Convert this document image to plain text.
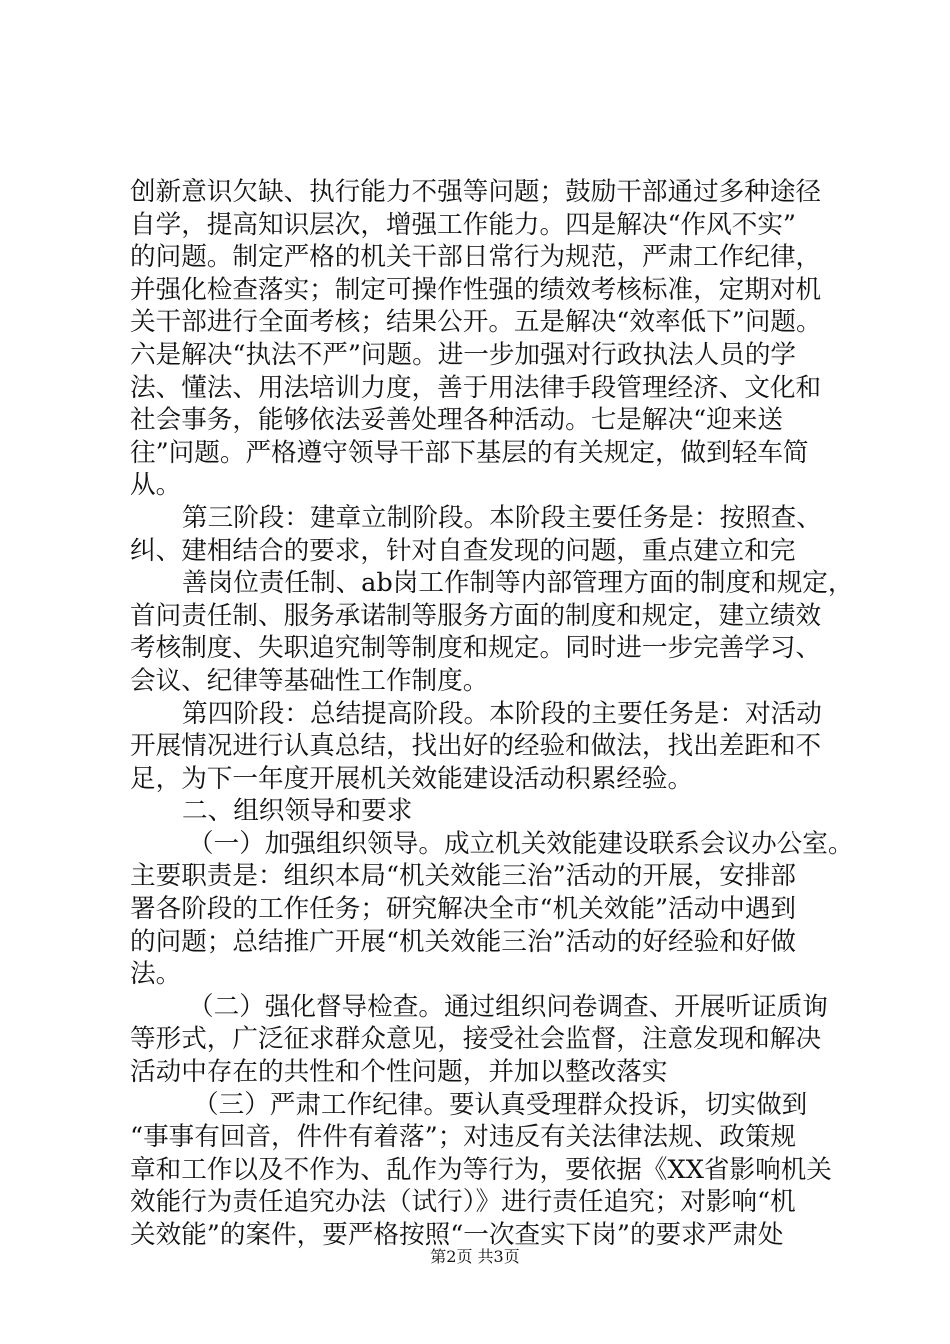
创新意识欠缺、执行能力不强等问题；鼓励干部通过多种途径
自学，提高知识层次，增强工作能力。四是解决“作风不实”
的问题。制定严格的机关干部日常行为规范，严肃工作纪律，
并强化检查落实；制定可操作性强的绩效考核标准，定期对机
关干部进行全面考核；结果公开。五是解决“效率低下”问题。
六是解决“执法不严”问题。进一步加强对行政执法人员的学
法、懂法、用法培训力度，善于用法律手段管理经济、文化和
社会事务，能够依法妥善处理各种活动。七是解决“迎来送
往”问题。严格遵守领导干部下基层的有关规定，做到轻车简
从。
第三阶段：建章立制阶段。本阶段主要任务是：按照查、
纠、建相结合的要求，针对自查发现的问题，重点建立和完
善岗位责任制、ab岗工作制等内部管理方面的制度和规定，
首问责任制、服务承诺制等服务方面的制度和规定，建立绩效
考核制度、失职追究制等制度和规定。同时进一步完善学习、
会议、纪律等基础性工作制度。
第四阶段：总结提高阶段。本阶段的主要任务是：对活动
开展情况进行认真总结，找出好的经验和做法，找出差距和不
足，为下一年度开展机关效能建设活动积累经验。
二、组织领导和要求
（一）加强组织领导。成立机关效能建设联系会议办公室。
主要职责是：组织本局“机关效能三治”活动的开展，安排部
署各阶段的工作任务；研究解决全市“机关效能”活动中遇到
的问题；总结推广开展“机关效能三治”活动的好经验和好做
法。
（二）强化督导检查。通过组织问卷调查、开展听证质询
等形式，广泛征求群众意见，接受社会监督，注意发现和解决
活动中存在的共性和个性问题，并加以整改落实
（三）严肃工作纪律。要认真受理群众投诉，切实做到
“事事有回音，件件有着落”；对违反有关法律法规、政策规
章和工作以及不作为、乱作为等行为，要依据《XX省影响机关
效能行为责任追究办法（试行）》进行责任追究；对影响“机
关效能”的案件，要严格按照“一次查实下岗”的要求严肃处
第2页 共3页
